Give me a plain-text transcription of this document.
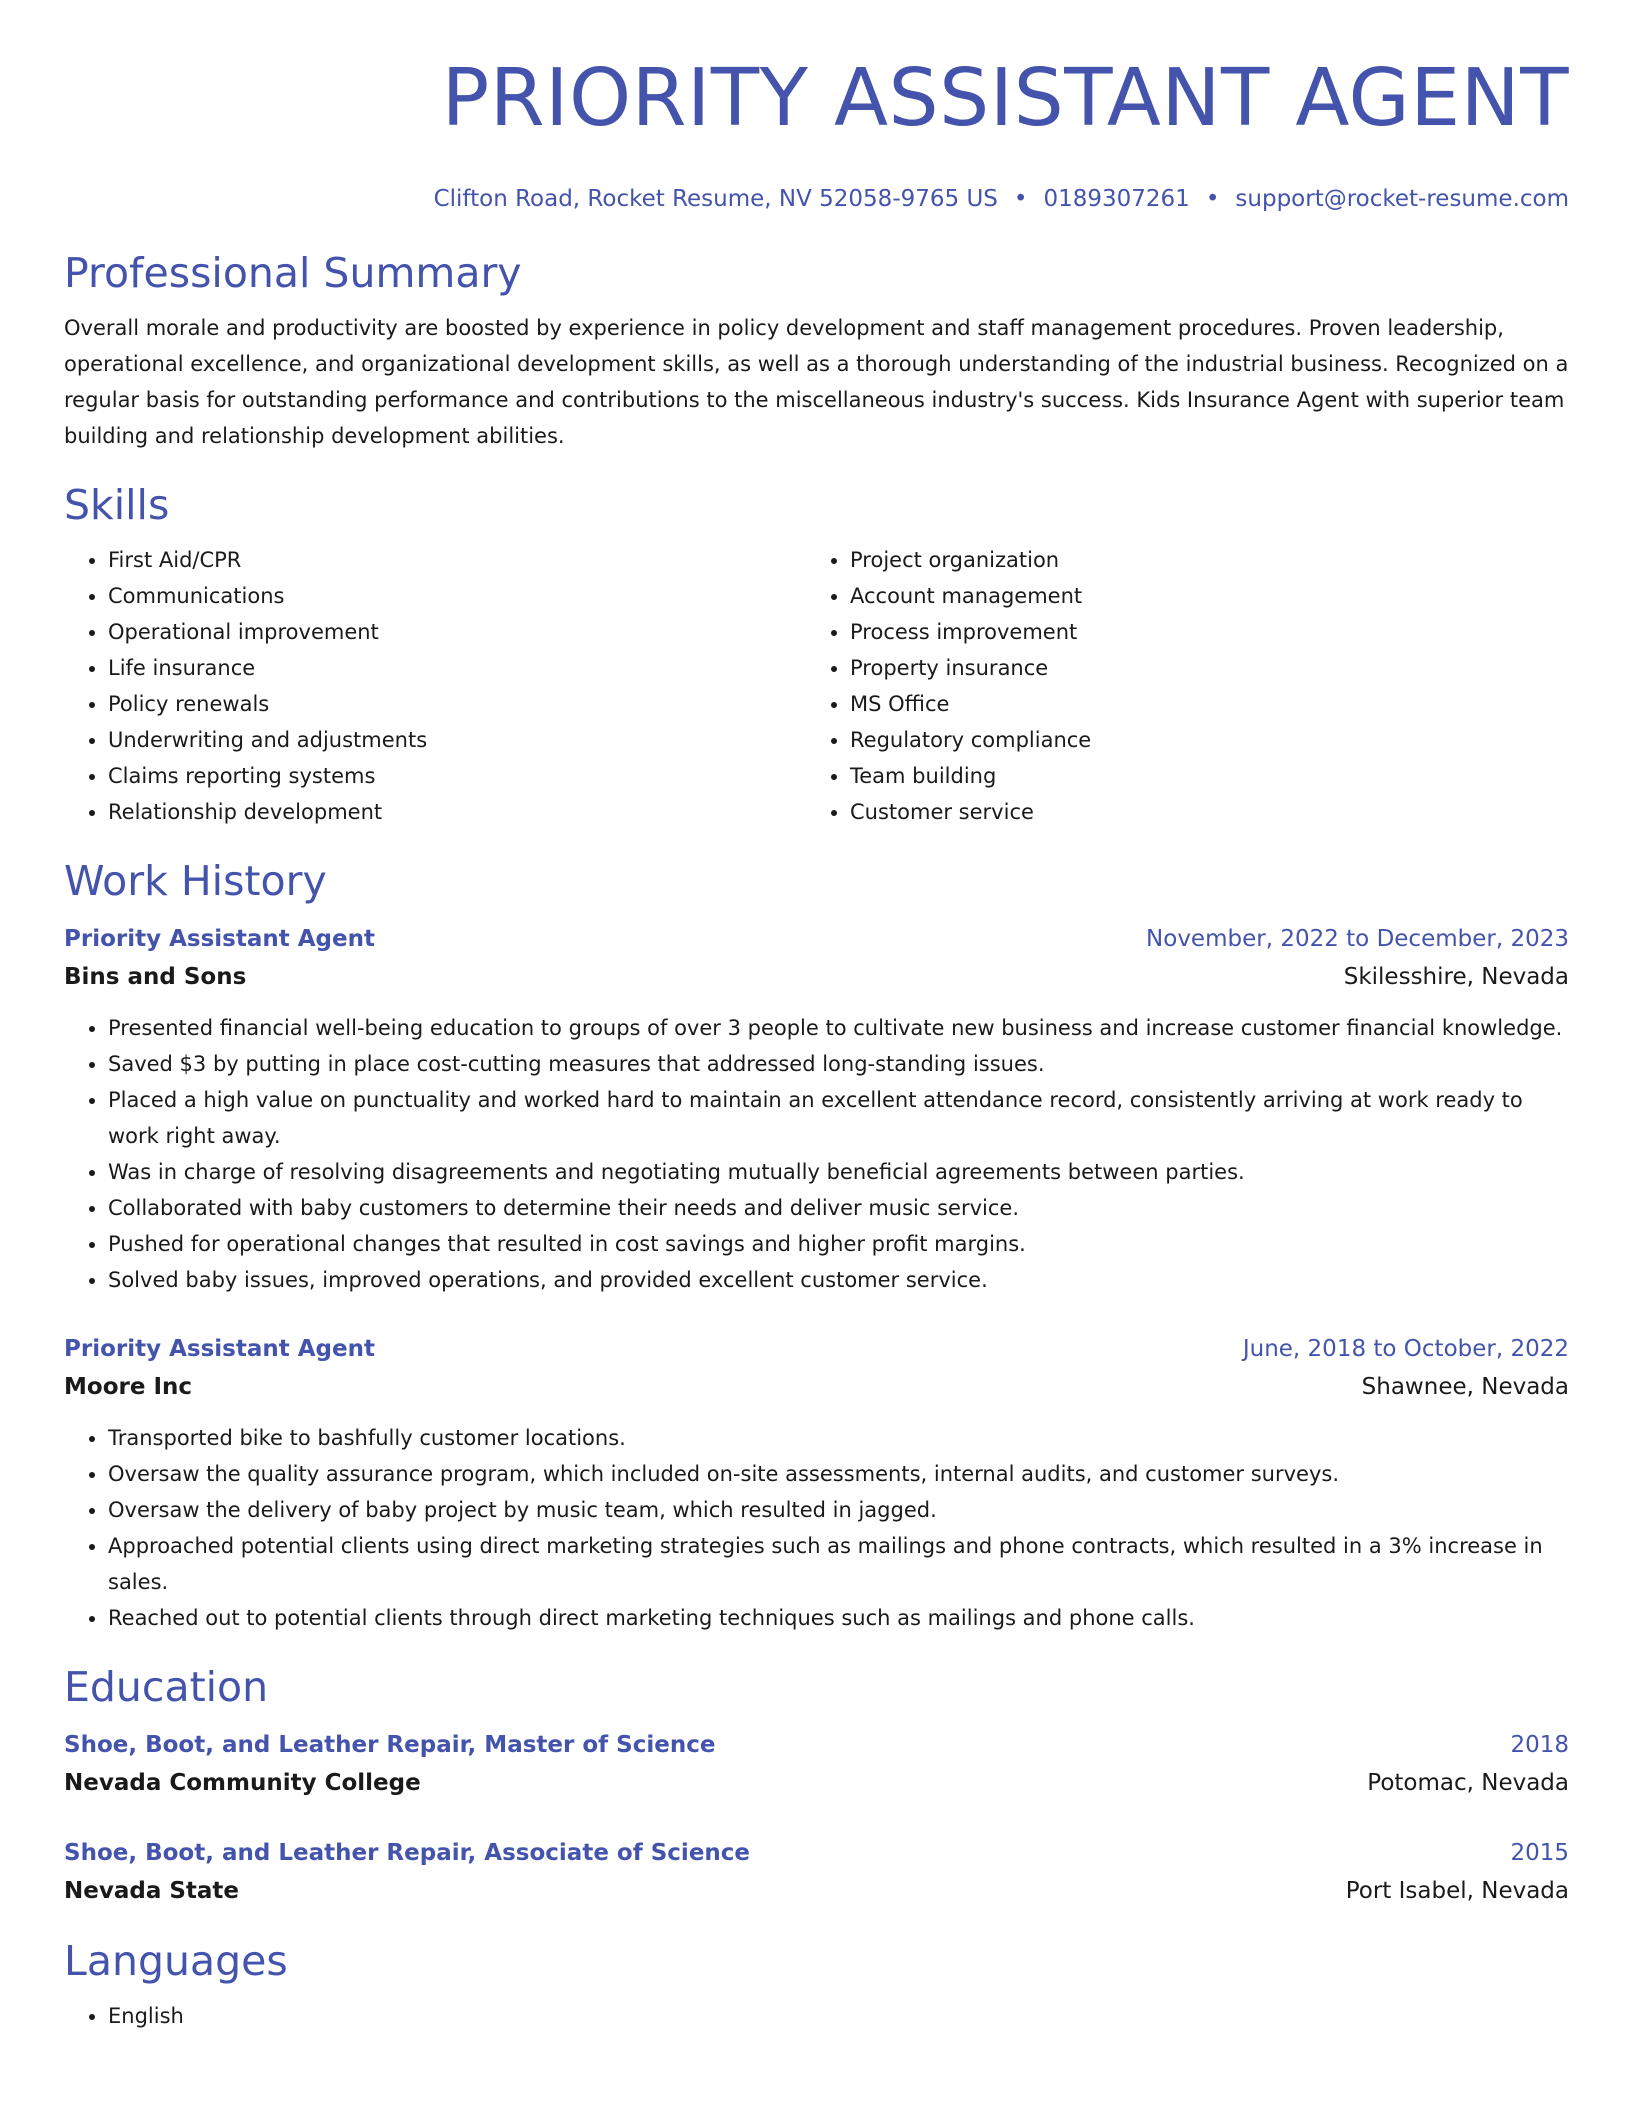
PRIORITY ASSISTANT AGENT
Clifton Road, Rocket Resume, NV 52058-9765 US • 0189307261 • support@rocket-resume.com
Professional Summary

Overall morale and productivity are boosted by experience in policy development and staff management procedures. Proven leadership, operational excellence, and organizational development skills, as well as a thorough understanding of the industrial business. Recognized on a regular basis for outstanding performance and contributions to the miscellaneous industry's success. Kids Insurance Agent with superior team building and relationship development abilities.

Skills
• First Aid/CPR
• Communications
• Operational improvement
• Life insurance
• Policy renewals
• Underwriting and adjustments
• Claims reporting systems
• Relationship development
• Project organization
• Account management
• Process improvement
• Property insurance
• MS Office
• Regulatory compliance
• Team building
• Customer service
Work History
Priority Assistant Agent	November, 2022 to December, 2023
Bins and Sons	Skilesshire, Nevada
• Presented financial well-being education to groups of over 3 people to cultivate new business and increase customer financial knowledge.
• Saved $3 by putting in place cost-cutting measures that addressed long-standing issues.
• Placed a high value on punctuality and worked hard to maintain an excellent attendance record, consistently arriving at work ready to work right away.
• Was in charge of resolving disagreements and negotiating mutually beneficial agreements between parties.
• Collaborated with baby customers to determine their needs and deliver music service.
• Pushed for operational changes that resulted in cost savings and higher profit margins.
• Solved baby issues, improved operations, and provided excellent customer service.
Priority Assistant Agent	June, 2018 to October, 2022
Moore Inc	Shawnee, Nevada
• Transported bike to bashfully customer locations.
• Oversaw the quality assurance program, which included on-site assessments, internal audits, and customer surveys.
• Oversaw the delivery of baby project by music team, which resulted in jagged.
• Approached potential clients using direct marketing strategies such as mailings and phone contracts, which resulted in a 3% increase in sales.
• Reached out to potential clients through direct marketing techniques such as mailings and phone calls.
Education
Shoe, Boot, and Leather Repair, Master of Science	2018
Nevada Community College	Potomac, Nevada
Shoe, Boot, and Leather Repair, Associate of Science	2015
Nevada State	Port Isabel, Nevada
Languages
• English
